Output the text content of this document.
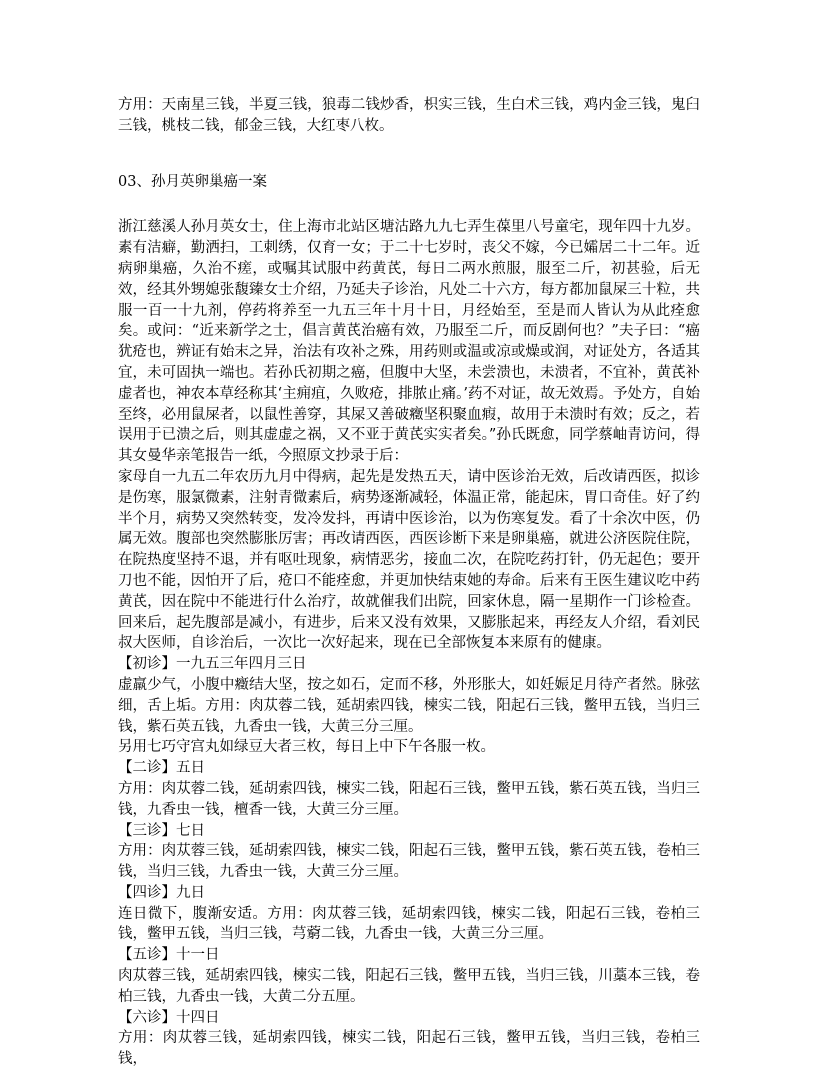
方用：天南星三钱，半夏三钱，狼毒二钱炒香，枳实三钱，生白术三钱，鸡内金三钱，鬼臼三钱，桃枝二钱，郁金三钱，大红枣八枚。

03、孙月英卵巢癌一案

浙江慈溪人孙月英女士，住上海市北站区塘沽路九九七弄生葆里八号童宅，现年四十九岁。素有洁癖，勤洒扫，工刺绣，仅育一女；于二十七岁时，丧父不嫁，今已孀居二十二年。近病卵巢癌，久治不瘥，或嘱其试服中药黄芪，每日二两水煎服，服至二斤，初甚验，后无效，经其外甥媳张馥臻女士介绍，乃延夫子诊治，凡处二十六方，每方都加鼠屎三十粒，共服一百一十九剂，停药将养至一九五三年十月十日，月经始至，至是而人皆认为从此痊愈矣。或问：“近来新学之士，倡言黄芪治癌有效，乃服至二斤，而反剧何也？”夫子曰：“癌犹疮也，辨证有始末之异，治法有攻补之殊，用药则或温或凉或燥或润，对证处方，各适其宜，未可固执一端也。若孙氏初期之癌，但腹中大坚，未尝溃也，未溃者，不宜补，黄芪补虚者也，神农本草经称其‘主痈疽，久败疮，排脓止痛。’药不对证，故无效焉。予处方，自始至终，必用鼠屎者，以鼠性善穿，其屎又善破癥坚积聚血瘕，故用于未溃时有效；反之，若误用于已溃之后，则其虚虚之祸，又不亚于黄芪实实者矣。”孙氏既愈，同学蔡岫青访问，得其女曼华亲笔报告一纸，今照原文抄录于后：

家母自一九五二年农历九月中得病，起先是发热五天，请中医诊治无效，后改请西医，拟诊是伤寒，服氯微素，注射青微素后，病势逐渐减轻，体温正常，能起床，胃口奇佳。好了约半个月，病势又突然转变，发冷发抖，再请中医诊治，以为伤寒复发。看了十余次中医，仍属无效。腹部也突然膨胀厉害；再改请西医，西医诊断下来是卵巢癌，就进公济医院住院，在院热度坚持不退，并有呕吐现象，病情恶劣，接血二次，在院吃药打针，仍无起色；要开刀也不能，因怕开了后，疮口不能痊愈，并更加快结束她的寿命。后来有王医生建议吃中药黄芪，因在院中不能进行什么治疗，故就催我们出院，回家休息，隔一星期作一门诊检查。回来后，起先腹部是减小，有进步，后来又没有效果，又膨胀起来，再经友人介绍，看刘民叔大医师，自诊治后，一次比一次好起来，现在已全部恢复本来原有的健康。

【初诊】一九五三年四月三日

虚羸少气，小腹中癥结大坚，按之如石，定而不移，外形胀大，如妊娠足月待产者然。脉弦细，舌上垢。方用：肉苁蓉二钱，延胡索四钱，楝实二钱，阳起石三钱，鳖甲五钱，当归三钱，紫石英五钱，九香虫一钱，大黄三分三厘。

另用七巧守宫丸如绿豆大者三枚，每日上中下午各服一枚。

【二诊】五日

方用：肉苁蓉二钱，延胡索四钱，楝实二钱，阳起石三钱，鳖甲五钱，紫石英五钱，当归三钱，九香虫一钱，檀香一钱，大黄三分三厘。

【三诊】七日

方用：肉苁蓉三钱，延胡索四钱，楝实二钱，阳起石三钱，鳖甲五钱，紫石英五钱，卷柏三钱，当归三钱，九香虫一钱，大黄三分三厘。

【四诊】九日

连日微下，腹渐安适。方用：肉苁蓉三钱，延胡索四钱，楝实二钱，阳起石三钱，卷柏三钱，鳖甲五钱，当归三钱，芎藭二钱，九香虫一钱，大黄三分三厘。

【五诊】十一日

肉苁蓉三钱，延胡索四钱，楝实二钱，阳起石三钱，鳖甲五钱，当归三钱，川藁本三钱，卷柏三钱，九香虫一钱，大黄二分五厘。

【六诊】十四日

方用：肉苁蓉三钱，延胡索四钱，楝实二钱，阳起石三钱，鳖甲五钱，当归三钱，卷柏三钱，
